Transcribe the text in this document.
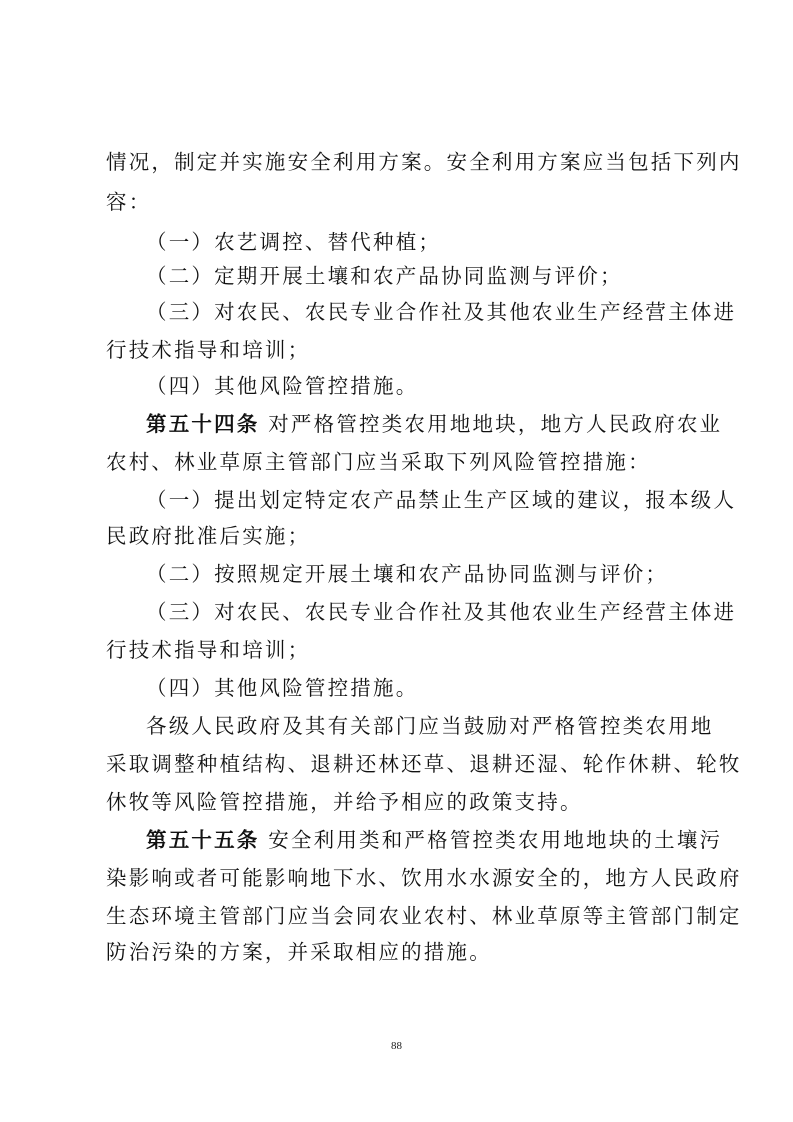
情况，制定并实施安全利用方案。安全利用方案应当包括下列内
容：
（一）农艺调控、替代种植；
（二）定期开展土壤和农产品协同监测与评价；
（三）对农民、农民专业合作社及其他农业生产经营主体进
行技术指导和培训；
（四）其他风险管控措施。
第五十四条 对严格管控类农用地地块，地方人民政府农业
农村、林业草原主管部门应当采取下列风险管控措施：
（一）提出划定特定农产品禁止生产区域的建议，报本级人
民政府批准后实施；
（二）按照规定开展土壤和农产品协同监测与评价；
（三）对农民、农民专业合作社及其他农业生产经营主体进
行技术指导和培训；
（四）其他风险管控措施。
各级人民政府及其有关部门应当鼓励对严格管控类农用地
采取调整种植结构、退耕还林还草、退耕还湿、轮作休耕、轮牧
休牧等风险管控措施，并给予相应的政策支持。
第五十五条 安全利用类和严格管控类农用地地块的土壤污
染影响或者可能影响地下水、饮用水水源安全的，地方人民政府
生态环境主管部门应当会同农业农村、林业草原等主管部门制定
防治污染的方案，并采取相应的措施。
88
